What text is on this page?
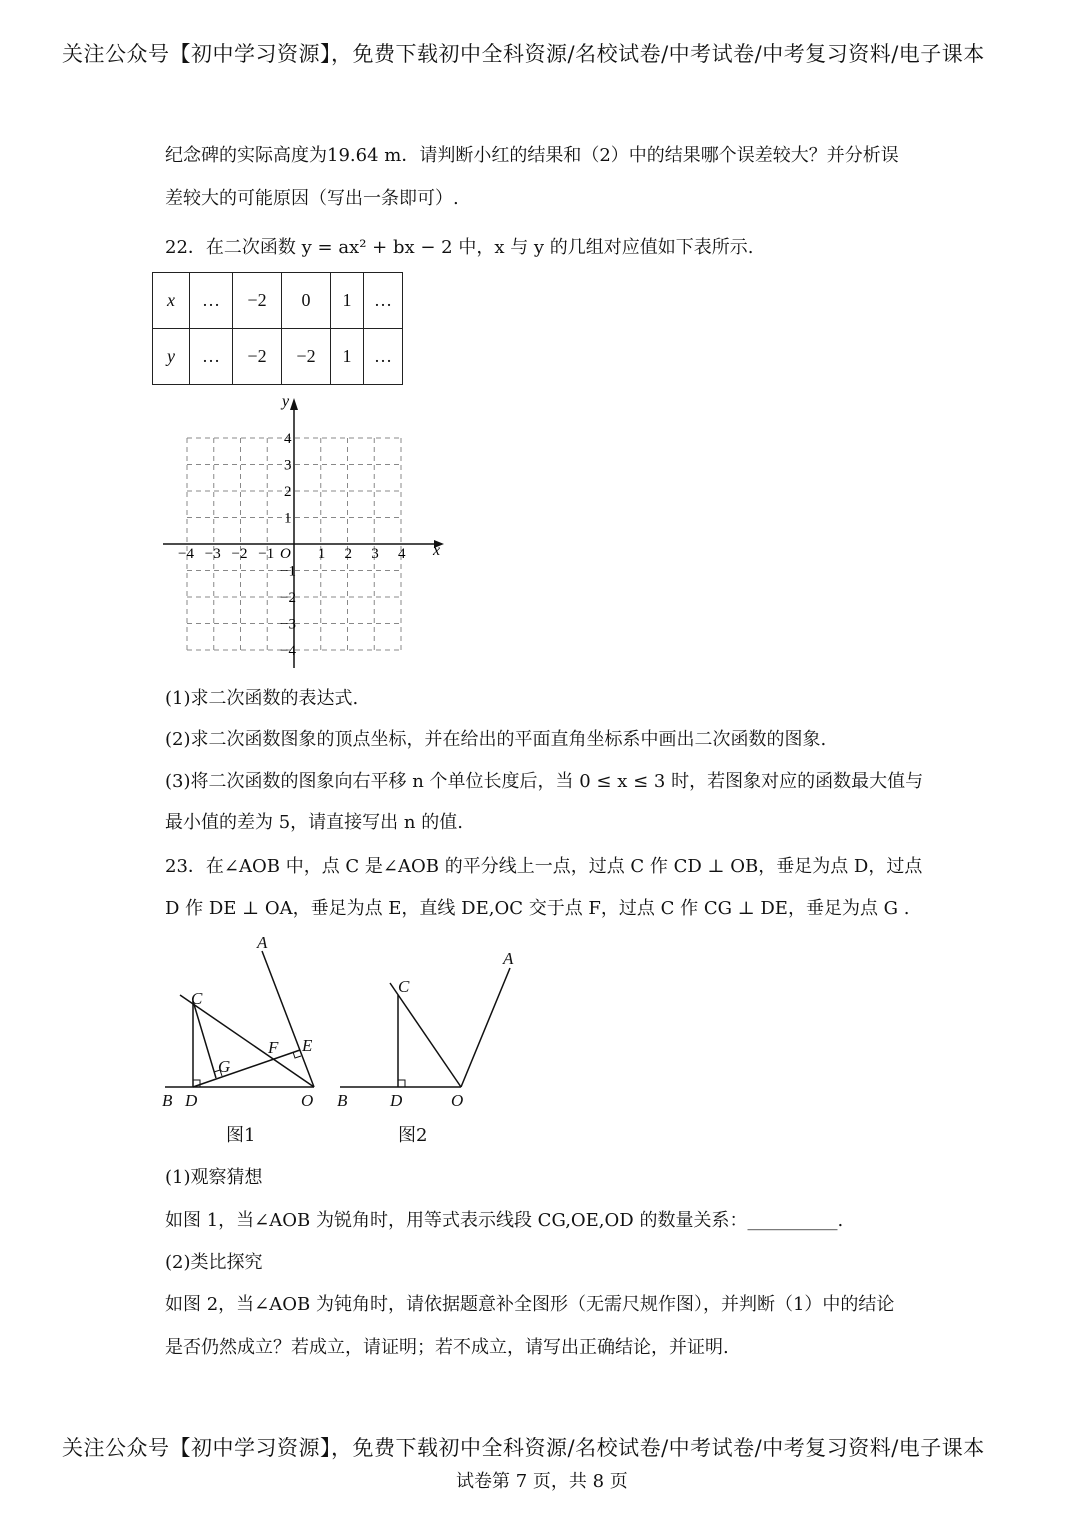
关注公众号【初中学习资源】，免费下载初中全科资源/名校试卷/中考试卷/中考复习资料/电子课本
纪念碑的实际高度为19.64 m．请判断小红的结果和（2）中的结果哪个误差较大？并分析误
差较大的可能原因（写出一条即可）.
22．在二次函数 y = ax² + bx − 2 中，x 与 y 的几组对应值如下表所示.
x	…	−2	0	1	…
y	…	−2	−2	1	…
x
y
O
−4 −3 −2 −1	1 2 3 4
4
3
2
1
−1
−2
−3
−4
(1)求二次函数的表达式.
(2)求二次函数图象的顶点坐标，并在给出的平面直角坐标系中画出二次函数的图象.
(3)将二次函数的图象向右平移 n 个单位长度后，当 0 ≤ x ≤ 3 时，若图象对应的函数最大值与
最小值的差为 5，请直接写出 n 的值.
23．在∠AOB 中，点 C 是∠AOB 的平分线上一点，过点 C 作 CD ⊥ OB，垂足为点 D，过点
D 作 DE ⊥ OA，垂足为点 E，直线 DE,OC 交于点 F，过点 C 作 CG ⊥ DE，垂足为点 G .
A
C
F E
G
B D	O
图1
A
C
B	D	O
图2
(1)观察猜想
如图 1，当∠AOB 为锐角时，用等式表示线段 CG,OE,OD 的数量关系：__________.
(2)类比探究
如图 2，当∠AOB 为钝角时，请依据题意补全图形（无需尺规作图），并判断（1）中的结论
是否仍然成立？若成立，请证明；若不成立，请写出正确结论，并证明.
关注公众号【初中学习资源】，免费下载初中全科资源/名校试卷/中考试卷/中考复习资料/电子课本
试卷第 7 页，共 8 页
